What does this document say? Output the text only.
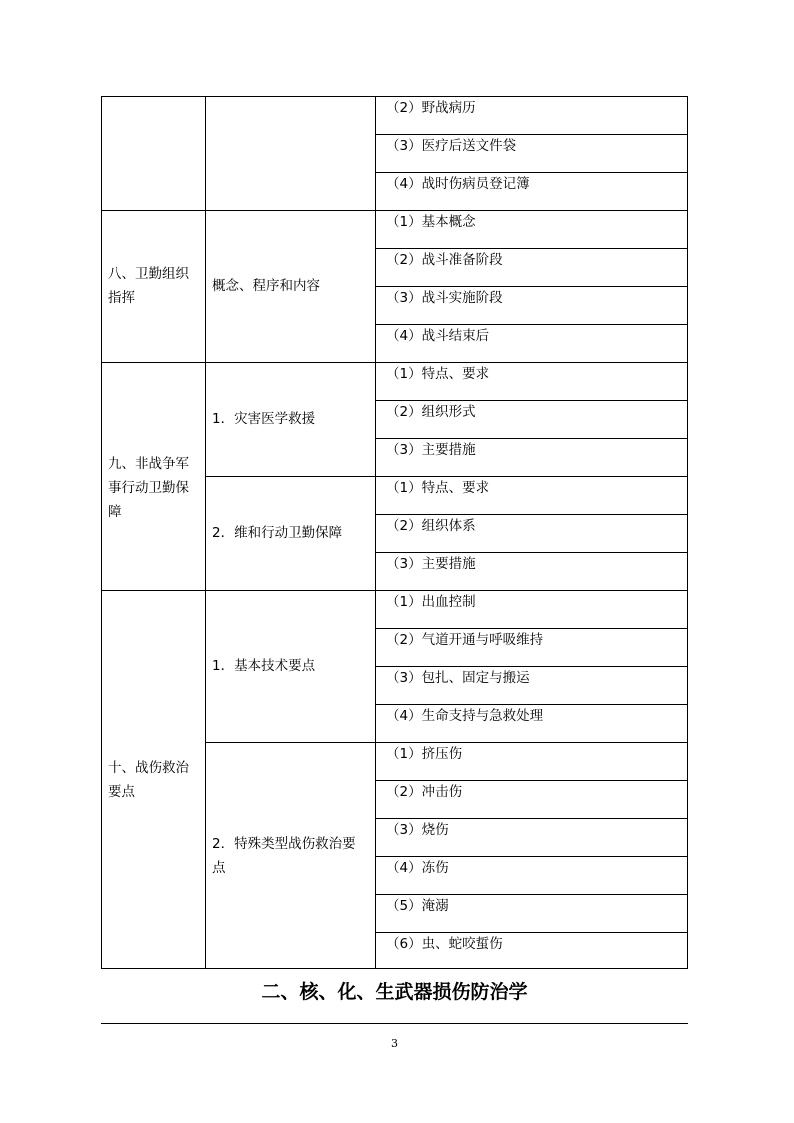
（2）野战病历
（3）医疗后送文件袋
（4）战时伤病员登记簿
（1）基本概念
（2）战斗准备阶段
（3）战斗实施阶段
（4）战斗结束后
概念、程序和内容
八、卫勤组织指挥
（1）特点、要求
（2）组织形式
（3）主要措施
1．灾害医学救援
（1）特点、要求
（2）组织体系
（3）主要措施
2．维和行动卫勤保障
九、非战争军事行动卫勤保障
（1）出血控制
（2）气道开通与呼吸维持
（3）包扎、固定与搬运
（4）生命支持与急救处理
1．基本技术要点
（1）挤压伤
（2）冲击伤
（3）烧伤
（4）冻伤
（5）淹溺
（6）虫、蛇咬蜇伤
2．特殊类型战伤救治要点
十、战伤救治要点
二、核、化、生武器损伤防治学
3
